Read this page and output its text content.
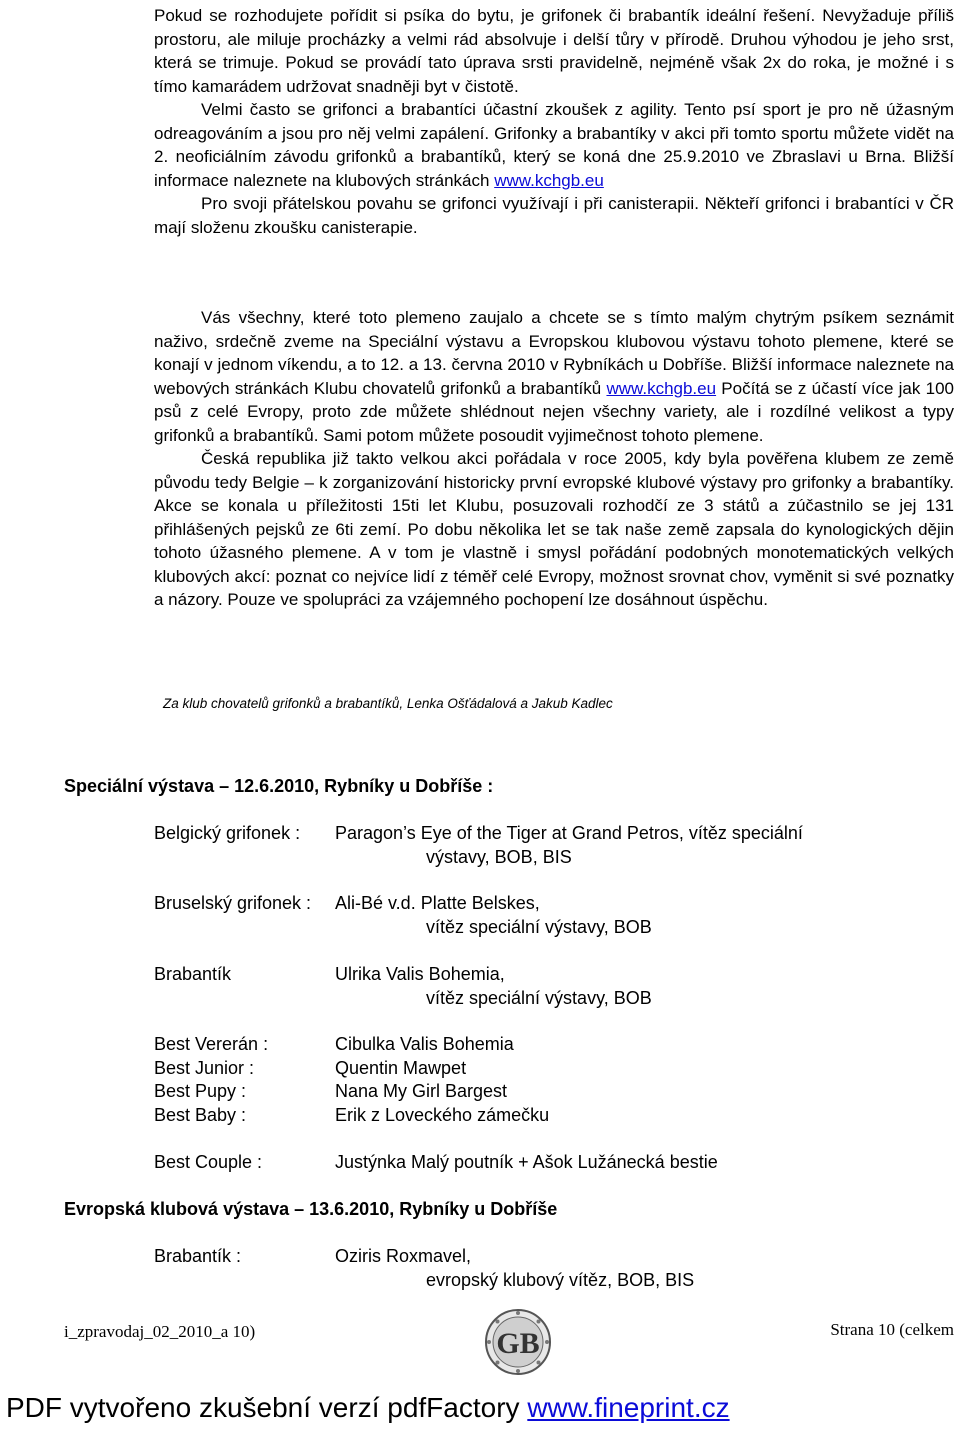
Pokud se rozhodujete pořídit si psíka do bytu, je grifonek či brabantík ideální řešení. Nevyžaduje příliš prostoru, ale miluje procházky a velmi rád absolvuje i delší tůry v přírodě. Druhou výhodou je jeho srst, která se trimuje. Pokud se provádí tato úprava srsti pravidelně, nejméně však 2x do roka, je možné i s tímo kamarádem udržovat snadněji byt v čistotě.

Velmi často se grifonci a brabantíci účastní zkoušek z agility. Tento psí sport je pro ně úžasným odreagováním a jsou pro něj velmi zapálení. Grifonky a brabantíky v akci při tomto sportu můžete vidět na 2. neoficiálním závodu grifonků a brabantíků, který se koná dne 25.9.2010 ve Zbraslavi u Brna. Bližší informace naleznete na klubových stránkách www.kchgb.eu

Pro svoji přátelskou povahu se grifonci využívají i při canisterapii. Někteří grifonci i brabantíci v ČR mají složenu zkoušku canisterapie.

Vás všechny, které toto plemeno zaujalo a chcete se s tímto malým chytrým psíkem seznámit naživo, srdečně zveme na Speciální výstavu a Evropskou klubovou výstavu tohoto plemene, které se konají v jednom víkendu, a to 12. a 13. června 2010 v Rybníkách u Dobříše. Bližší informace naleznete na webových stránkách Klubu chovatelů grifonků a brabantíků www.kchgb.eu Počítá se z účastí více jak 100 psů z celé Evropy, proto zde můžete shlédnout nejen všechny variety, ale i rozdílné velikost a typy grifonků a brabantíků. Sami potom můžete posoudit vyjimečnost tohoto plemene.

Česká republika již takto velkou akci pořádala v roce 2005, kdy byla pověřena klubem ze země původu tedy Belgie – k zorganizování historicky první evropské klubové výstavy pro grifonky a brabantíky. Akce se konala u příležitosti 15ti let Klubu, posuzovali rozhodčí ze 3 států a zúčastnilo se jej 131 přihlášených pejsků ze 6ti zemí. Po dobu několika let se tak naše země zapsala do kynologických dějin tohoto úžasného plemene. A v tom je vlastně i smysl pořádání podobných monotematických velkých klubových akcí: poznat co nejvíce lidí z téměř celé Evropy, možnost srovnat chov, vyměnit si své poznatky a názory. Pouze ve spolupráci za vzájemného pochopení lze dosáhnout úspěchu.

Za klub chovatelů grifonků a brabantíků, Lenka Ošťádalová a Jakub Kadlec
Speciální výstava – 12.6.2010, Rybníky u Dobříše :
Belgický grifonek : Paragon’s Eye of the Tiger at Grand Petros, vítěz speciální
výstavy, BOB, BIS
Bruselský grifonek : Ali-Bé v.d. Platte Belskes,
vítěz speciální výstavy, BOB
Brabantík	Ulrika Valis Bohemia,
vítěz speciální výstavy, BOB
Best Vererán :	Cibulka Valis Bohemia
Best Junior :	Quentin Mawpet
Best Pupy :	Nana My Girl Bargest
Best Baby :	Erik z Loveckého zámečku
Best Couple :	Justýnka Malý poutník + Ašok Lužánecká bestie
Evropská klubová výstava – 13.6.2010, Rybníky u Dobříše
Brabantík :	Oziris Roxmavel,
evropský klubový vítěz, BOB, BIS
i_zpravodaj_02_2010_a 10)	GB	Strana 10 (celkem
PDF vytvořeno zkušební verzí pdfFactory www.fineprint.cz
